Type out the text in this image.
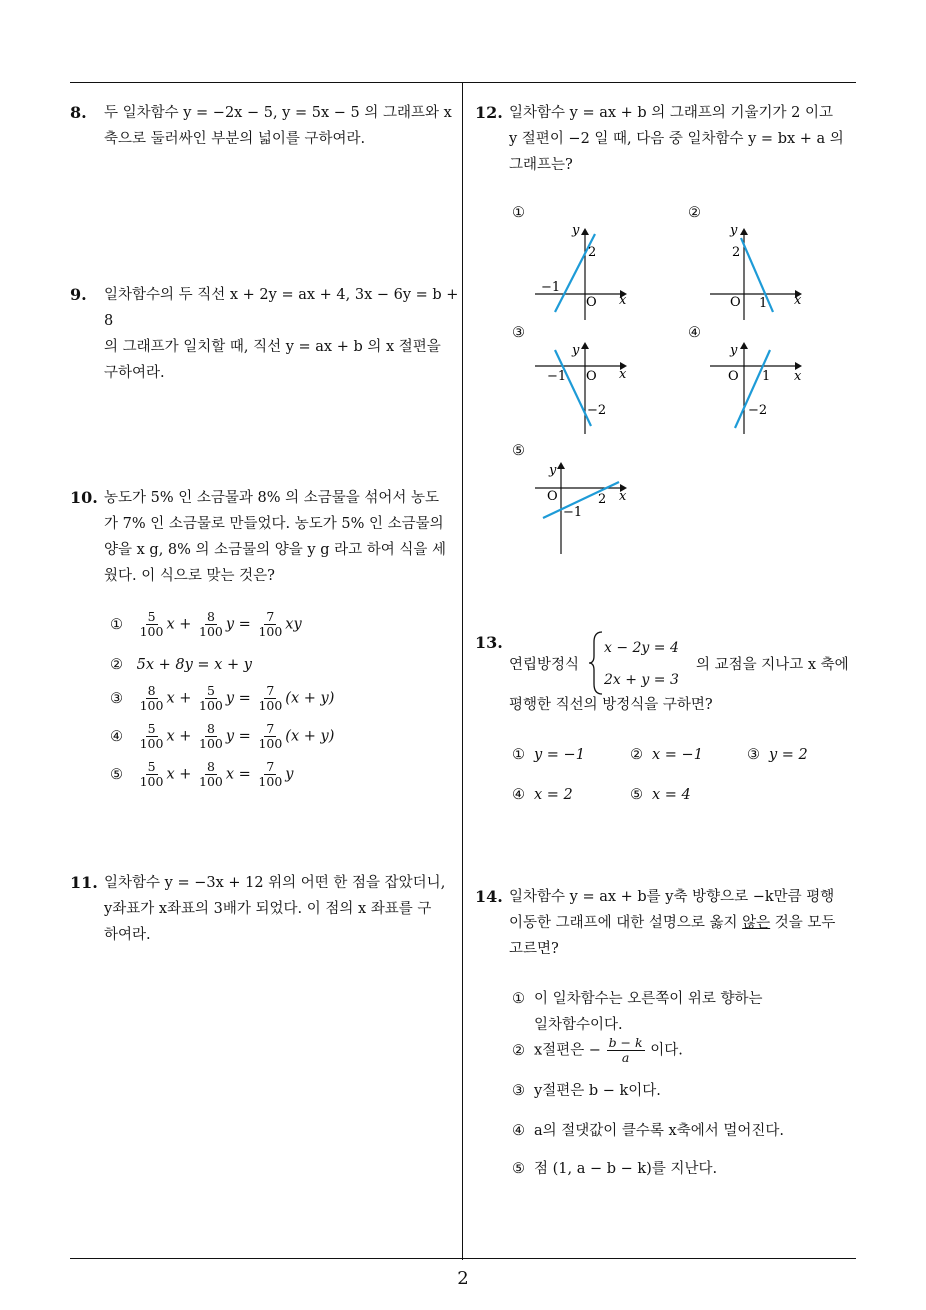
8. 두 일차함수 y = −2x − 5, y = 5x − 5 의 그래프와 x
축으로 둘러싸인 부분의 넓이를 구하여라.
9. 일차함수의 두 직선 x + 2y = ax + 4, 3x − 6y = b + 8
의 그래프가 일치할 때, 직선 y = ax + b 의 x 절편을
구하여라.
10. 농도가 5% 인 소금물과 8% 의 소금물을 섞어서 농도
가 7% 인 소금물로 만들었다. 농도가 5% 인 소금물의
양을 x g, 8% 의 소금물의 양을 y g 라고 하여 식을 세
웠다. 이 식으로 맞는 것은?
① $\frac{5}{100}$ $x + \frac{8}{100}$ $y = \frac{7}{100}$ xy
② 5x + 8y = x + y
③ $\frac{8}{100}$ $x + \frac{5}{100}$ $y = \frac{7}{100} (x + y)$
④ $\frac{5}{100}$ $x + \frac{8}{100}$ $y = \frac{7}{100} (x + y)$
⑤ $\frac{5}{100}$ $x + \frac{8}{100}$ $x = \frac{7}{100}$ y
11. 일차함수 y = −3x + 12 위의 어떤 한 점을 잡았더니,
y좌표가 x좌표의 3배가 되었다. 이 점의 x 좌표를 구
하여라.
12. 일차함수 y = ax + b 의 그래프의 기울기가 2 이고
y 절편이 −2 일 때, 다음 중 일차함수 y = bx + a 의
그래프는?
①	②
③	④
⑤
x
y
O
2
−1
x
y
O
2
1
x
y
O
−1
−2
x
y
O 1
−2
x
y
O	2
−1
13.
연립방정식
x − 2y = 4
2x + y = 3
의 교점을 지나고 x 축에
평행한 직선의 방정식을 구하면?
① y = −1	② x = −1	③ y = 2
④ x = 2	⑤ x = 4
14. 일차함수 y = ax + b를 y축 방향으로 −k만큼 평행
이동한 그래프에 대한 설명으로 옳지 않은 것을 모두
고르면?
① 이 일차함수는 오른쪽이 위로 향하는
일차함수이다.
② x절편은 − $\frac{b - k}{a}$ 이다.
③ y절편은 b − k이다.
④ a의 절댓값이 클수록 x축에서 멀어진다.
⑤ 점 (1, a − b − k)를 지난다.
2
